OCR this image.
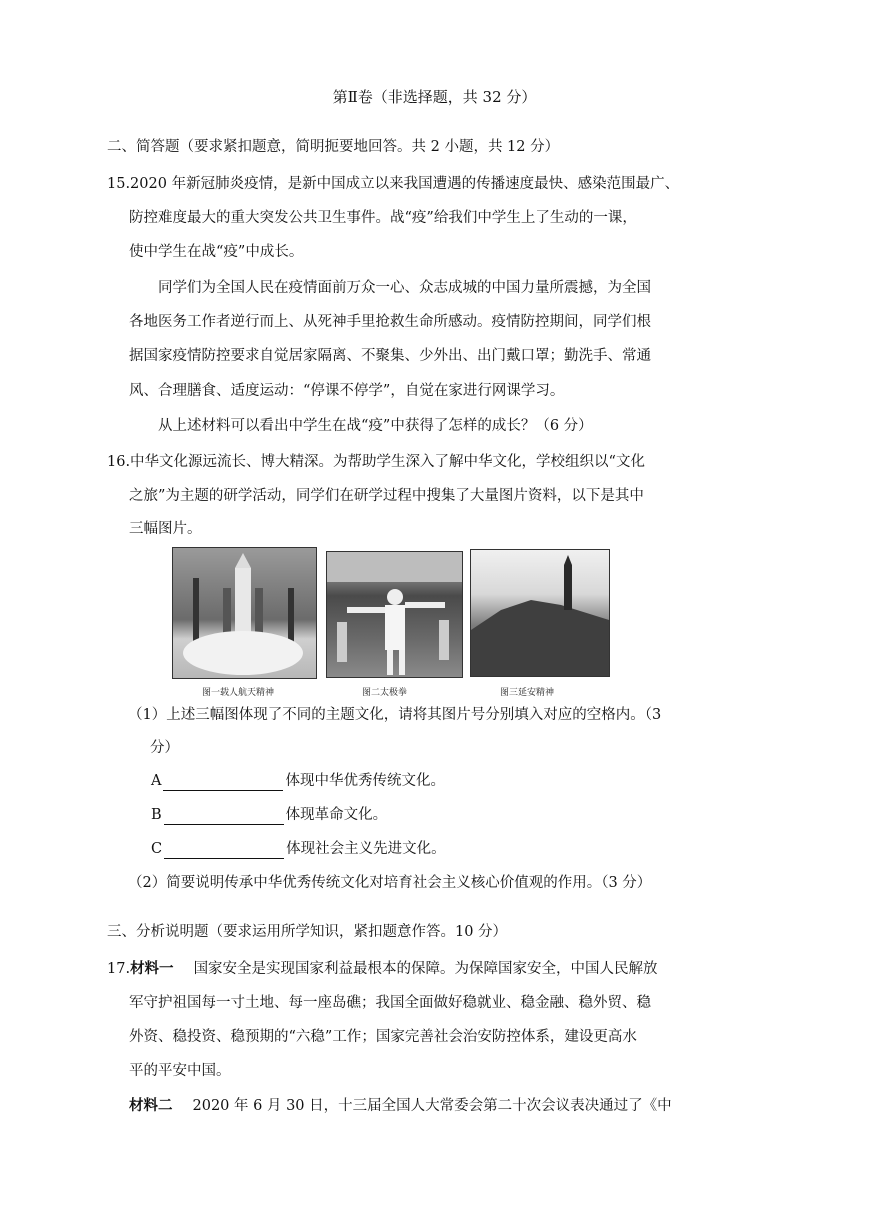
第Ⅱ卷（非选择题，共 32 分）
二、简答题（要求紧扣题意，简明扼要地回答。共 2 小题，共 12 分）
15.2020 年新冠肺炎疫情，是新中国成立以来我国遭遇的传播速度最快、感染范围最广、
防控难度最大的重大突发公共卫生事件。战“疫”给我们中学生上了生动的一课，
使中学生在战“疫”中成长。
同学们为全国人民在疫情面前万众一心、众志成城的中国力量所震撼，为全国
各地医务工作者逆行而上、从死神手里抢救生命所感动。疫情防控期间，同学们根
据国家疫情防控要求自觉居家隔离、不聚集、少外出、出门戴口罩；勤洗手、常通
风、合理膳食、适度运动：“停课不停学”，自觉在家进行网课学习。
从上述材料可以看出中学生在战“疫”中获得了怎样的成长？（6 分）
16.中华文化源远流长、博大精深。为帮助学生深入了解中华文化，学校组织以“文化
之旅”为主题的研学活动，同学们在研学过程中搜集了大量图片资料，以下是其中
三幅图片。
图一载人航天精神	图二太极拳	图三延安精神
（1）上述三幅图体现了不同的主题文化，请将其图片号分别填入对应的空格内。（3
分）
A	体现中华优秀传统文化。
B	体现革命文化。
C	体现社会主义先进文化。
（2）简要说明传承中华优秀传统文化对培育社会主义核心价值观的作用。（3 分）
三、分析说明题（要求运用所学知识，紧扣题意作答。10 分）
17.材料一 国家安全是实现国家利益最根本的保障。为保障国家安全，中国人民解放
军守护祖国每一寸土地、每一座岛礁；我国全面做好稳就业、稳金融、稳外贸、稳
外资、稳投资、稳预期的“六稳”工作；国家完善社会治安防控体系，建设更高水
平的平安中国。
材料二 2020 年 6 月 30 日，十三届全国人大常委会第二十次会议表决通过了《中
